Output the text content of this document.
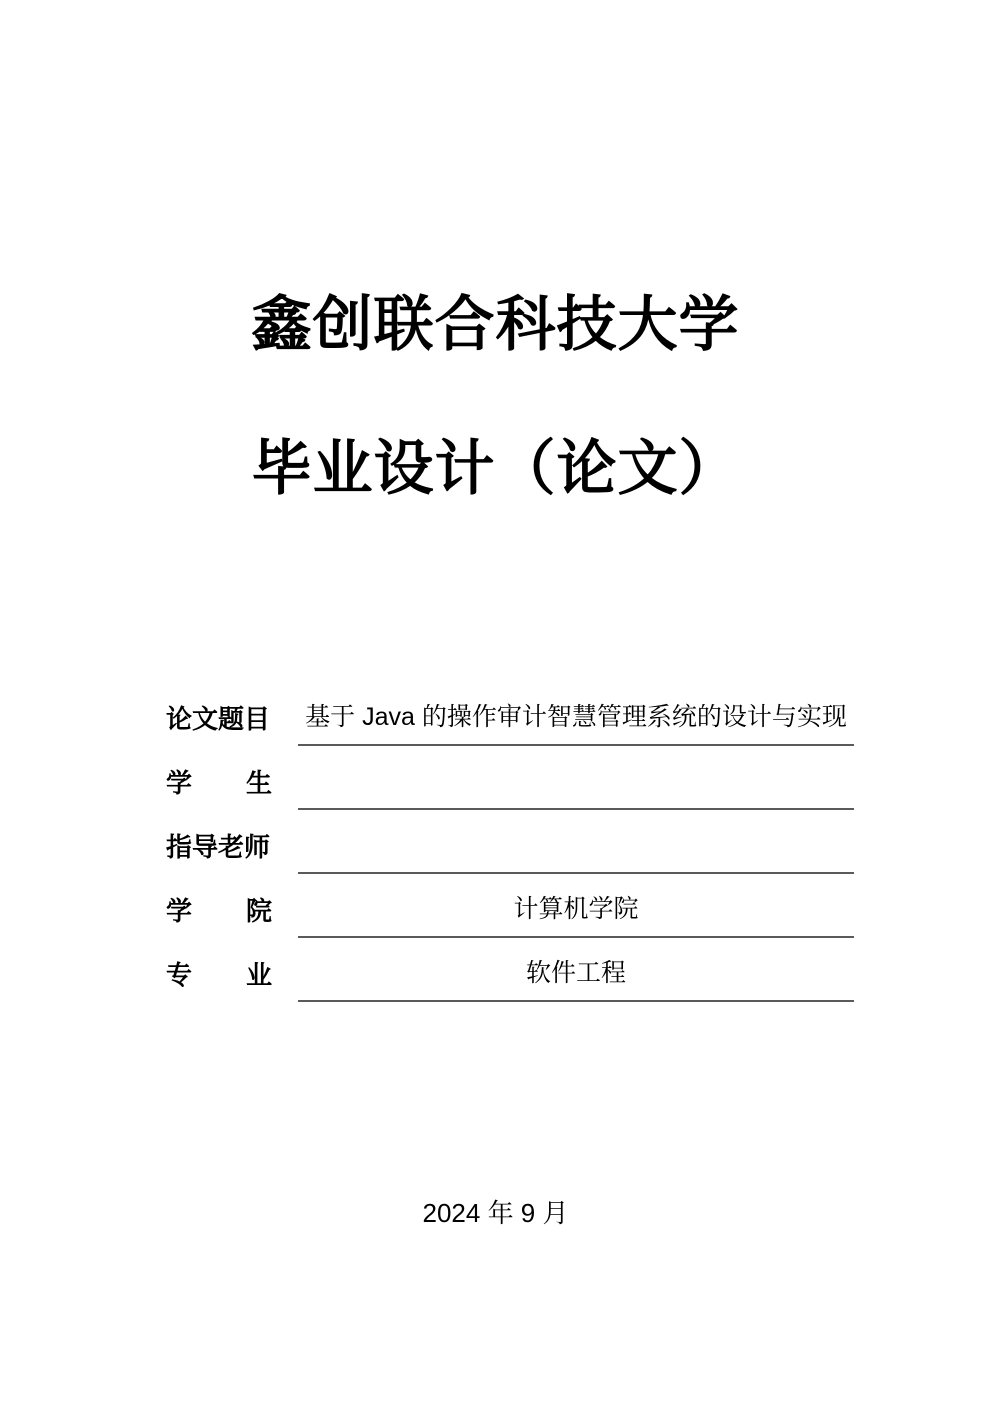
鑫创联合科技大学
毕业设计（论文）
论文题目 基于 Java 的操作审计智慧管理系统的设计与实现
学 生
指导老师
学 院	计算机学院
专 业	软件工程
2024 年 9 月
